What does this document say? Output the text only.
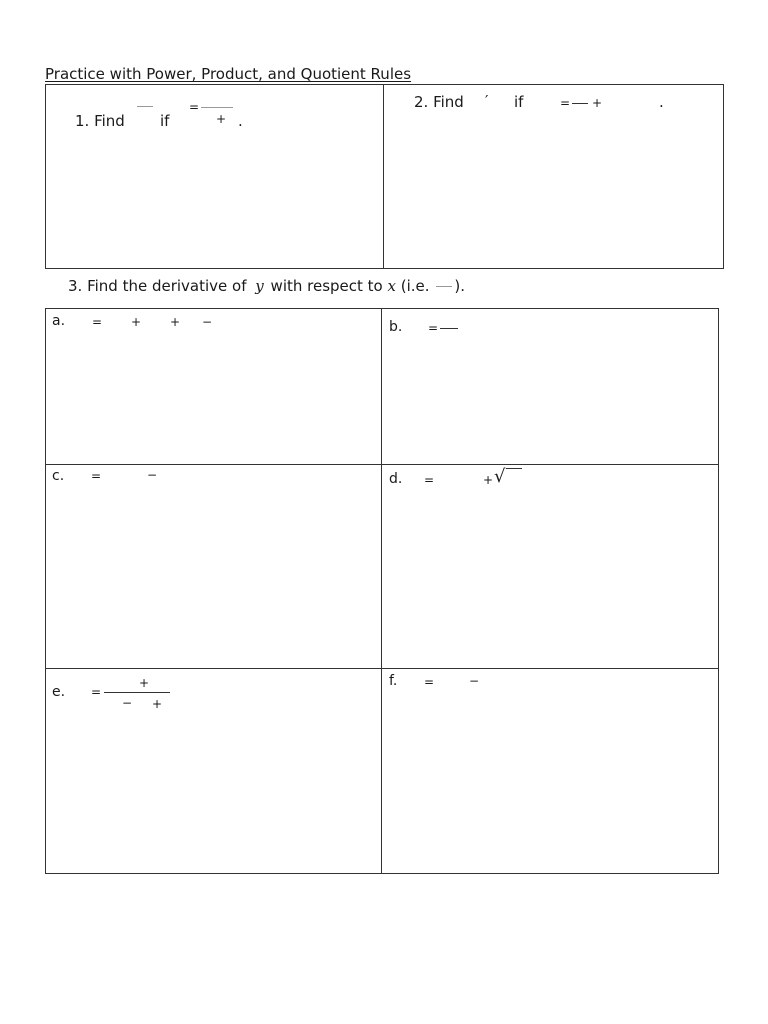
Practice with Power, Product, and Quotient Rules
1. Find if
=
+ .
2. Find ′ if	= +	.
3. Find the derivative of y with respect to x (i.e. ).
a. = + + −	b. =
c. =	−	d. =	+ √
e. =
+
− +
f. =	−
